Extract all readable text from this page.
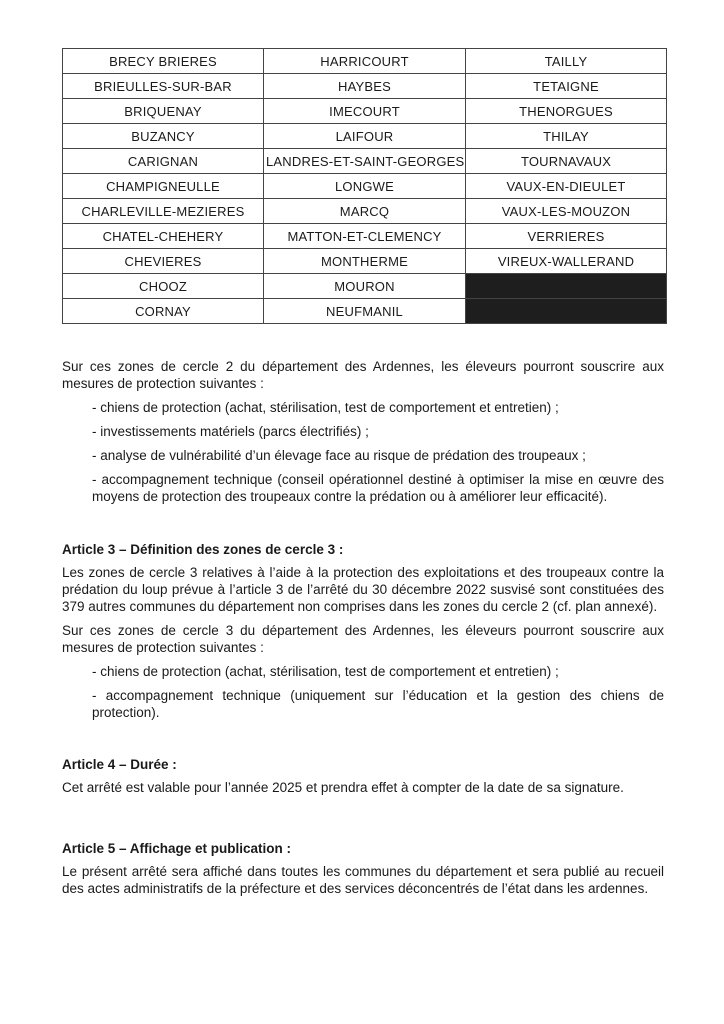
BRECY BRIERES	HARRICOURT	TAILLY
BRIEULLES-SUR-BAR	HAYBES	TETAIGNE
BRIQUENAY	IMECOURT	THENORGUES
BUZANCY	LAIFOUR	THILAY
CARIGNAN	LANDRES-ET-SAINT-GEORGES	TOURNAVAUX
CHAMPIGNEULLE	LONGWE	VAUX-EN-DIEULET
CHARLEVILLE-MEZIERES	MARCQ	VAUX-LES-MOUZON
CHATEL-CHEHERY	MATTON-ET-CLEMENCY	VERRIERES
CHEVIERES	MONTHERME	VIREUX-WALLERAND
CHOOZ	MOURON	
CORNAY	NEUFMANIL	

Sur ces zones de cercle 2 du département des Ardennes, les éleveurs pourront souscrire aux mesures de protection suivantes :

- chiens de protection (achat, stérilisation, test de comportement et entretien) ;

- investissements matériels (parcs électrifiés) ;

- analyse de vulnérabilité d’un élevage face au risque de prédation des troupeaux ;

- accompagnement technique (conseil opérationnel destiné à optimiser la mise en œuvre des moyens de protection des troupeaux contre la prédation ou à améliorer leur efficacité).

Article 3 – Définition des zones de cercle 3 :

Les zones de cercle 3 relatives à l’aide à la protection des exploitations et des troupeaux contre la prédation du loup prévue à l’article 3 de l’arrêté du 30 décembre 2022 susvisé sont constituées des 379 autres communes du département non comprises dans les zones du cercle 2 (cf. plan annexé).

Sur ces zones de cercle 3 du département des Ardennes, les éleveurs pourront souscrire aux mesures de protection suivantes :

- chiens de protection (achat, stérilisation, test de comportement et entretien) ;

- accompagnement technique (uniquement sur l’éducation et la gestion des chiens de protection).

Article 4 – Durée :

Cet arrêté est valable pour l’année 2025 et prendra effet à compter de la date de sa signature.

Article 5 – Affichage et publication :

Le présent arrêté sera affiché dans toutes les communes du département et sera publié au recueil des actes administratifs de la préfecture et des services déconcentrés de l’état dans les ardennes.
